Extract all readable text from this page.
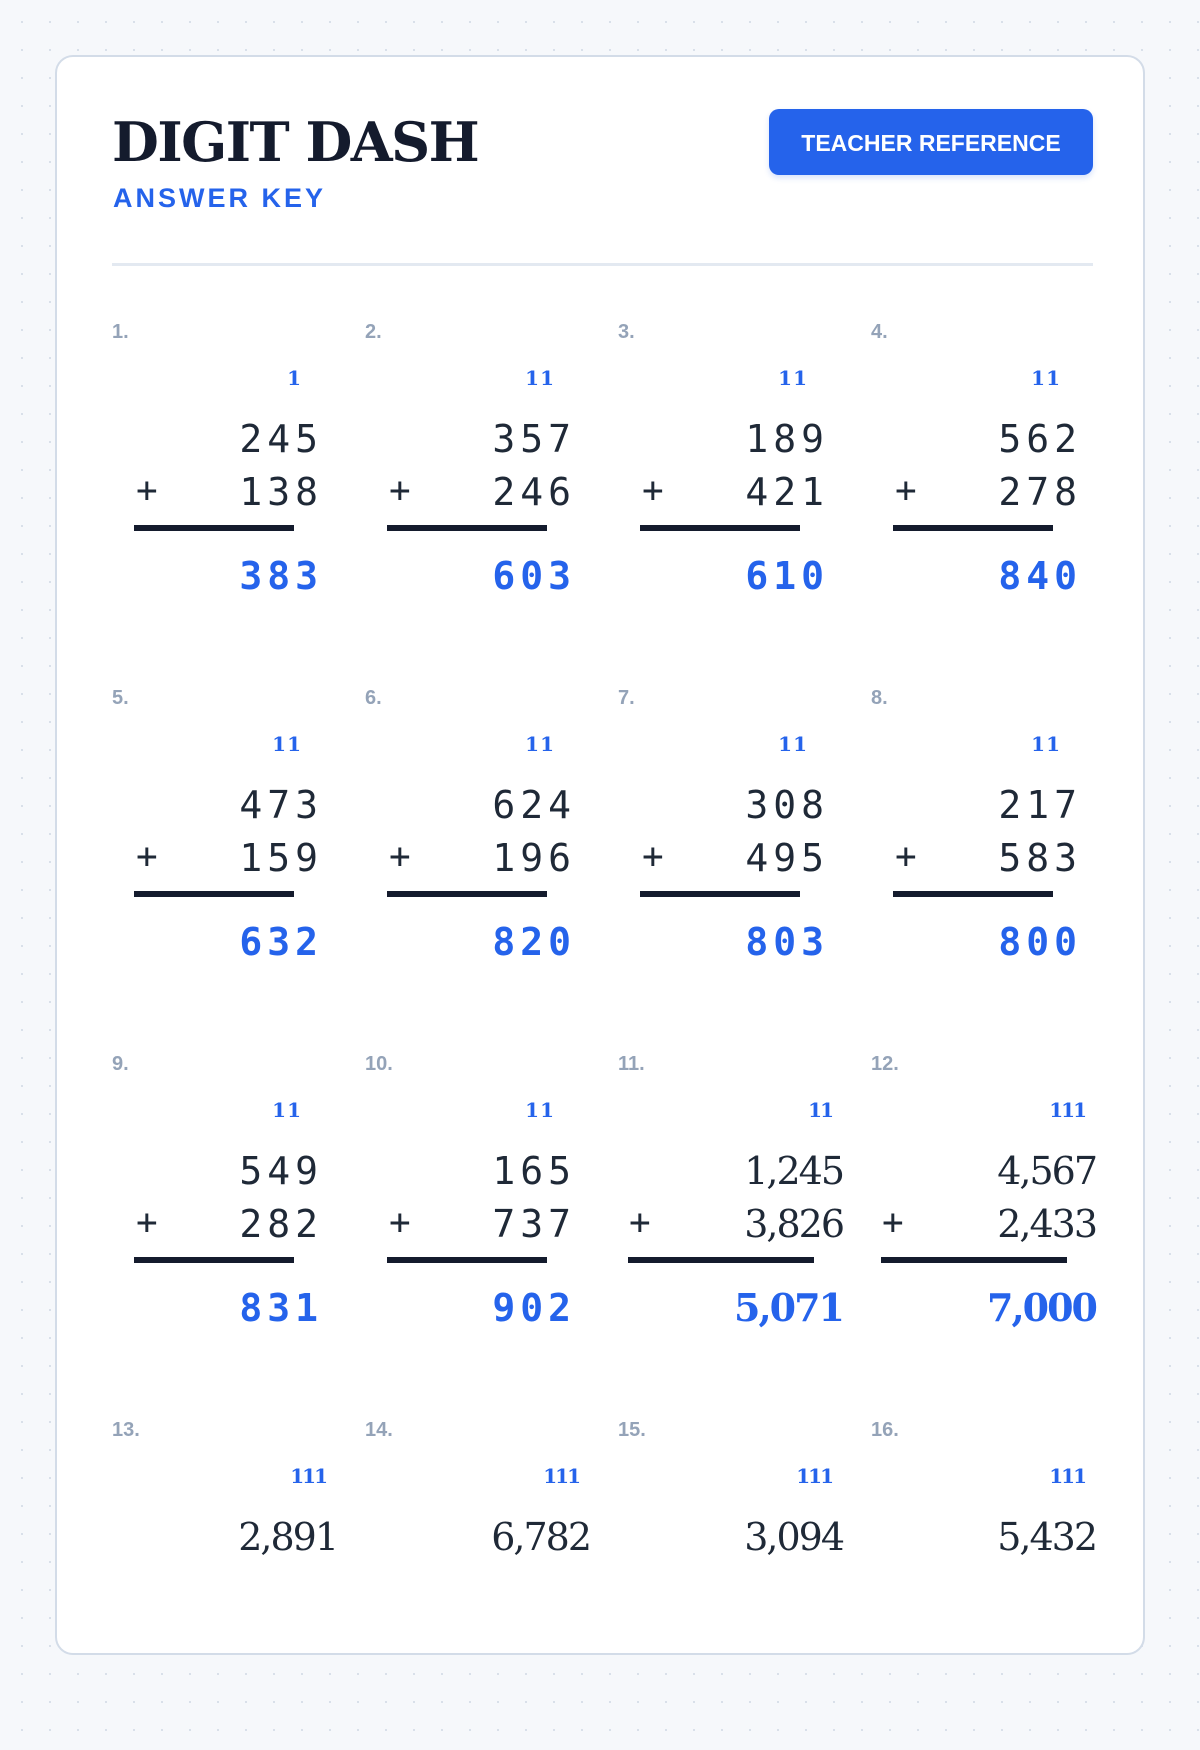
DIGIT DASH
ANSWER KEY
TEACHER REFERENCE
1.
1
245
+	138
383
2.
11
357
+	246
603
3.
11
189
+	421
610
4.
11
562
+	278
840
5.
11
473
+	159
632
6.
11
624
+	196
820
7.
11
308
+	495
803
8.
11
217
+	583
800
9.
11
549
+	282
831
10.
11
165
+	737
902
11.
11
1,245
+	3,826
5,071
12.
111
4,567
+	2,433
7,000
13.
111
2,891
14.
111
6,782
15.
111
3,094
16.
111
5,432
